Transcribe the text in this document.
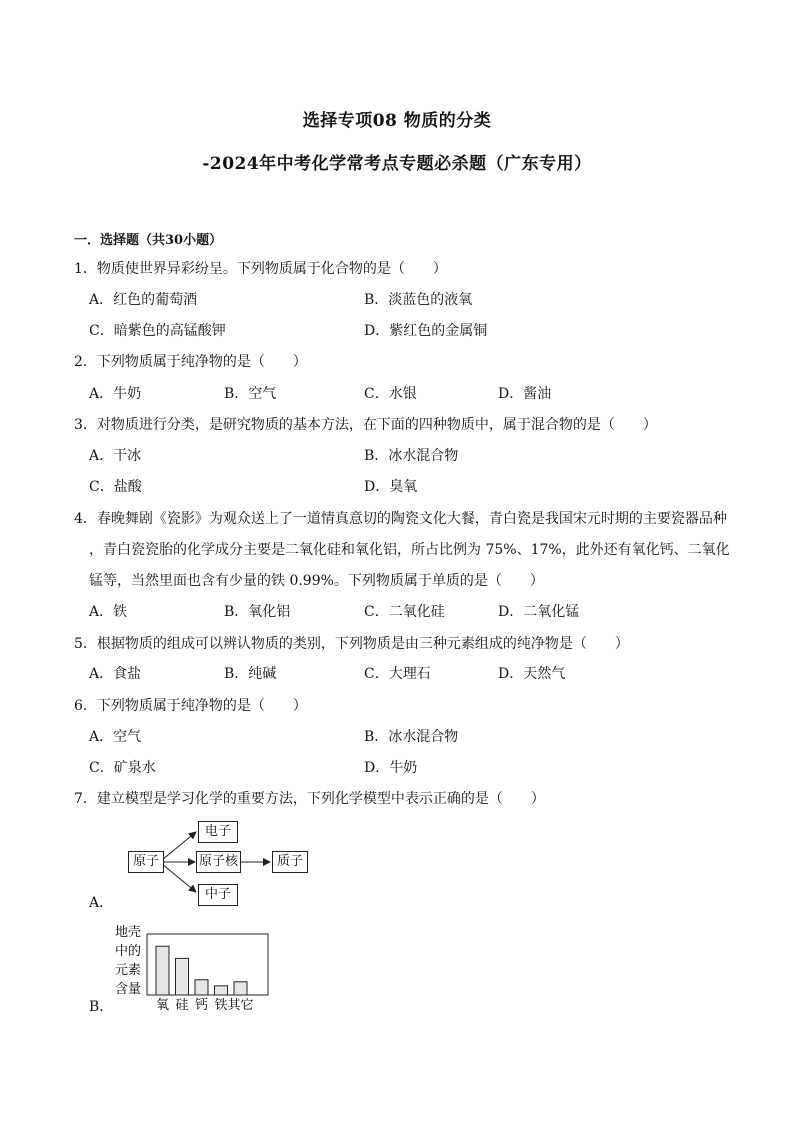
选择专项08 物质的分类
-2024年中考化学常考点专题必杀题（广东专用）
一．选择题（共30小题）
1．物质使世界异彩纷呈。下列物质属于化合物的是（　　）
A．红色的葡萄酒	B．淡蓝色的液氧
C．暗紫色的高锰酸钾	D．紫红色的金属铜
2．下列物质属于纯净物的是（　　）
A．牛奶	B．空气	C．水银	D．酱油
3．对物质进行分类，是研究物质的基本方法，在下面的四种物质中，属于混合物的是（　　）
A．干冰	B．冰水混合物
C．盐酸	D．臭氧
4．春晚舞剧《瓷影》为观众送上了一道情真意切的陶瓷文化大餐，青白瓷是我国宋元时期的主要瓷器品种
，青白瓷瓷胎的化学成分主要是二氧化硅和氧化铝，所占比例为 75%、17%，此外还有氧化钙、二氧化
锰等，当然里面也含有少量的铁 0.99%。下列物质属于单质的是（　　）
A．铁	B．氧化铝	C．二氧化硅	D．二氧化锰
5．根据物质的组成可以辨认物质的类别，下列物质是由三种元素组成的纯净物是（　　）
A．食盐	B．纯碱	C．大理石	D．天然气
6．下列物质属于纯净物的是（　　）
A．空气	B．冰水混合物
C．矿泉水	D．牛奶
7．建立模型是学习化学的重要方法，下列化学模型中表示正确的是（　　）
原子
电子
原子核
中子
质子
A．
地壳
中的
元素
含量
氧 硅 钙 铁 其它
B．
